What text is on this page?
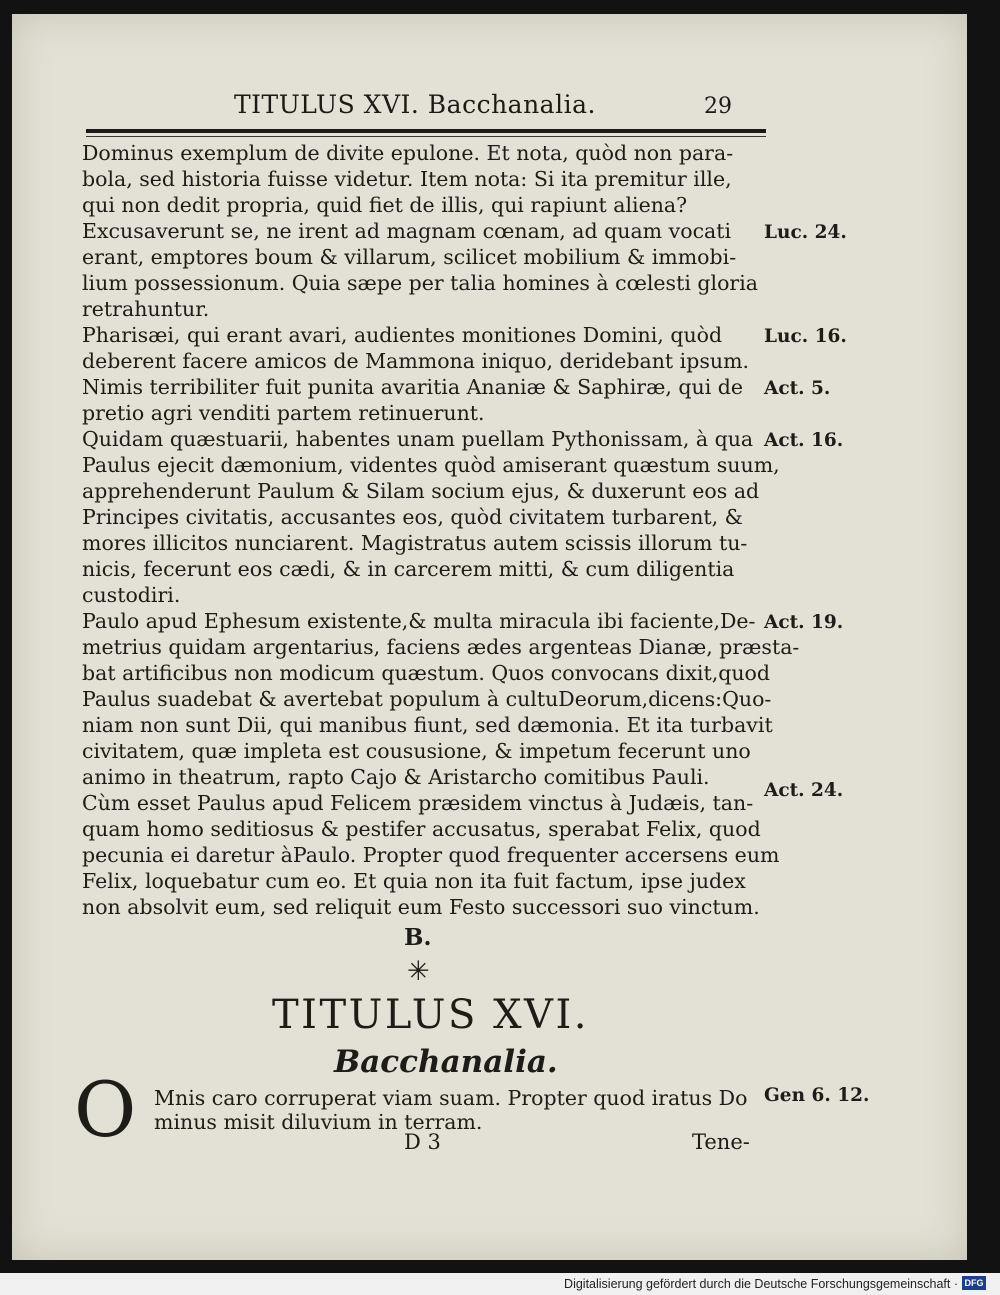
TITULUS XVI. Bacchanalia.	29
Dominus exemplum de divite epulone. Et nota, quòd non para-
bola, sed historia fuisse videtur. Item nota: Si ita premitur ille,
qui non dedit propria, quid fiet de illis, qui rapiunt aliena?
Excusaverunt se, ne irent ad magnam cœnam, ad quam vocati
erant, emptores boum & villarum, scilicet mobilium & immobi-
lium possessionum. Quia sæpe per talia homines à cœlesti gloria
retrahuntur.
Pharisæi, qui erant avari, audientes monitiones Domini, quòd
deberent facere amicos de Mammona iniquo, deridebant ipsum.
Nimis terribiliter fuit punita avaritia Ananiæ & Saphiræ, qui de
pretio agri venditi partem retinuerunt.
Quidam quæstuarii, habentes unam puellam Pythonissam, à qua
Paulus ejecit dæmonium, videntes quòd amiserant quæstum suum,
apprehenderunt Paulum & Silam socium ejus, & duxerunt eos ad
Principes civitatis, accusantes eos, quòd civitatem turbarent, &
mores illicitos nunciarent. Magistratus autem scissis illorum tu-
nicis, fecerunt eos cædi, & in carcerem mitti, & cum diligentia
custodiri.
Paulo apud Ephesum existente,& multa miracula ibi faciente,De-
metrius quidam argentarius, faciens ædes argenteas Dianæ, præsta-
bat artificibus non modicum quæstum. Quos convocans dixit,quod
Paulus suadebat & avertebat populum à cultuDeorum,dicens:Quo-
niam non sunt Dii, qui manibus fiunt, sed dæmonia. Et ita turbavit
civitatem, quæ impleta est coususione, & impetum fecerunt uno
animo in theatrum, rapto Cajo & Aristarcho comitibus Pauli.
Cùm esset Paulus apud Felicem præsidem vinctus à Judæis, tan-
quam homo seditiosus & pestifer accusatus, sperabat Felix, quod
pecunia ei daretur àPaulo. Propter quod frequenter accersens eum
Felix, loquebatur cum eo. Et quia non ita fuit factum, ipse judex
non absolvit eum, sed reliquit eum Festo successori suo vinctum.
Luc. 24.
Luc. 16.
Act. 5.
Act. 16.
Act. 19.
Act. 24.
Gen 6. 12.
B.
✳
TITULUS XVI.
Bacchanalia.
O Mnis caro corruperat viam suam. Propter quod iratus Do
minus misit diluvium in terram.
D 3	Tene-
Digitalisierung gefördert durch die Deutsche Forschungsgemeinschaft · DFG
